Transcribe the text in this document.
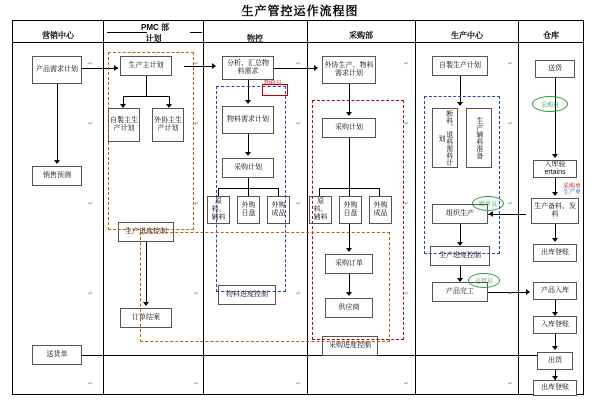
生产管控运作流程图
PMC 部
营销中心	计划	物控	采购部	生产中心	仓库
产品需求计划
销售预测
送货单
生产主计划
自製主生产计划
外协主生产计划
生产进度控制
订单结案
分析、汇总物料需求
物料需求计划
采购计划
原料、辅料
外购日盘
外购成品
物料进度控制
外协生产、物料需求计划
采购计划
原料、辅料
外购日盘
外购成品
采购订单
供应商
采购进度控制
自製生产计划
断料、退料需料计划	生产辅料准备
组织生产
生产进度控制
产品完工
送货
入库验ertains
生产备料、发料
出库登账
产品入库
入库登账
出货
出库登账
采购员
仓管员
跟单员
物料员
采购单
生产单
↵	↵	↵	↵	↵
↵	↵	↵	↵	↵
↵	↵	↵	↵	↵
↵	↵	↵	↵	↵
↵	↵	↵	↵	↵
